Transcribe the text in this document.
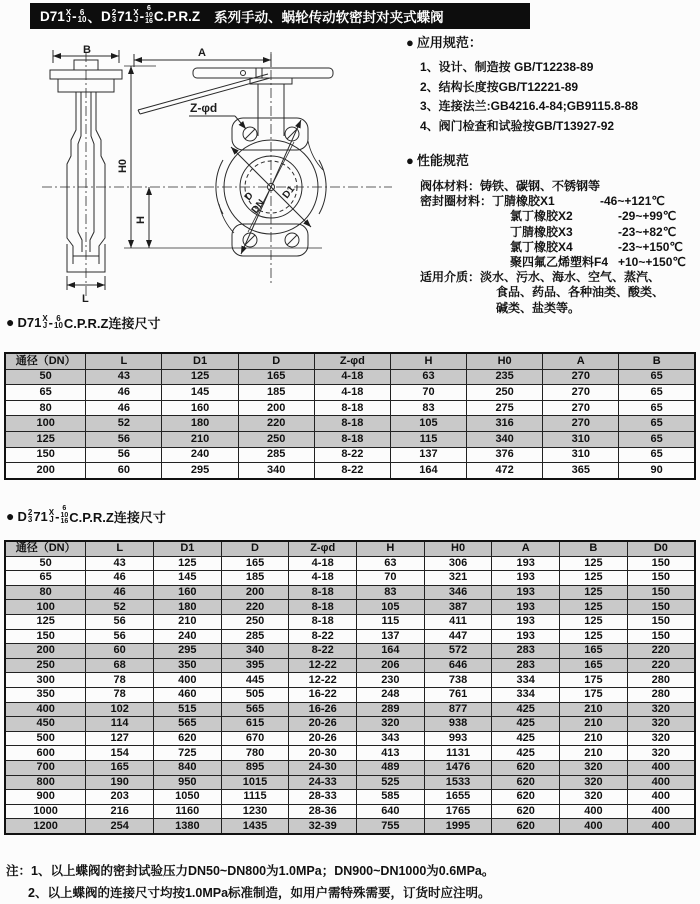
D71 X
J - 6
10 、 D 2
3 71 X
J - 6
10
16 C.P.R.Z 系列手动、蜗轮传动软密封对夹式蝶阀
B	A
H0
H
L
Z-φd
D
DN
D1
● 应用规范：
1、设计、制造按 GB/T12238-89
2、结构长度按GB/T12221-89
3、连接法兰:GB4216.4-84;GB9115.8-88
4、阀门检查和试验按GB/T13927-92
● 性能规范
阀体材料：铸铁、碳钢、不锈钢等
密封圈材料：丁腈橡胶X1	-46~+121℃
氯丁橡胶X2	-29~+99℃
丁腈橡胶X3	-23~+82℃
氯丁橡胶X4	-23~+150℃
聚四氟乙烯塑料F4 +10~+150℃
适用介质：淡水、污水、海水、空气、蒸汽、
食品、药品、各种油类、酸类、
碱类、盐类等。
● D71 X
J - 6
10 C.P.R.Z连接尺寸
通径（DN）	L	D1	D	Z-φd	H	H0	A	B
50	43	125	165	4-18	63	235	270	65
65	46	145	185	4-18	70	250	270	65
80	46	160	200	8-18	83	275	270	65
100	52	180	220	8-18	105	316	270	65
125	56	210	250	8-18	115	340	310	65
150	56	240	285	8-22	137	376	310	65
200	60	295	340	8-22	164	472	365	90
● D 2
3 71 X
J - 6
10
16 C.P.R.Z连接尺寸
通径（DN）	L	D1	D	Z-φd	H	H0	A	B	D0
50	43	125	165	4-18	63	306	193	125	150
65	46	145	185	4-18	70	321	193	125	150
80	46	160	200	8-18	83	346	193	125	150
100	52	180	220	8-18	105	387	193	125	150
125	56	210	250	8-18	115	411	193	125	150
150	56	240	285	8-22	137	447	193	125	150
200	60	295	340	8-22	164	572	283	165	220
250	68	350	395	12-22	206	646	283	165	220
300	78	400	445	12-22	230	738	334	175	280
350	78	460	505	16-22	248	761	334	175	280
400	102	515	565	16-26	289	877	425	210	320
450	114	565	615	20-26	320	938	425	210	320
500	127	620	670	20-26	343	993	425	210	320
600	154	725	780	20-30	413	1131	425	210	320
700	165	840	895	24-30	489	1476	620	320	400
800	190	950	1015	24-33	525	1533	620	320	400
900	203	1050	1115	28-33	585	1655	620	320	400
1000	216	1160	1230	28-36	640	1765	620	400	400
1200	254	1380	1435	32-39	755	1995	620	400	400
注：1、以上蝶阀的密封试验压力DN50~DN800为1.0MPa；DN900~DN1000为0.6MPa。
2、以上蝶阀的连接尺寸均按1.0MPa标准制造，如用户需特殊需要，订货时应注明。
